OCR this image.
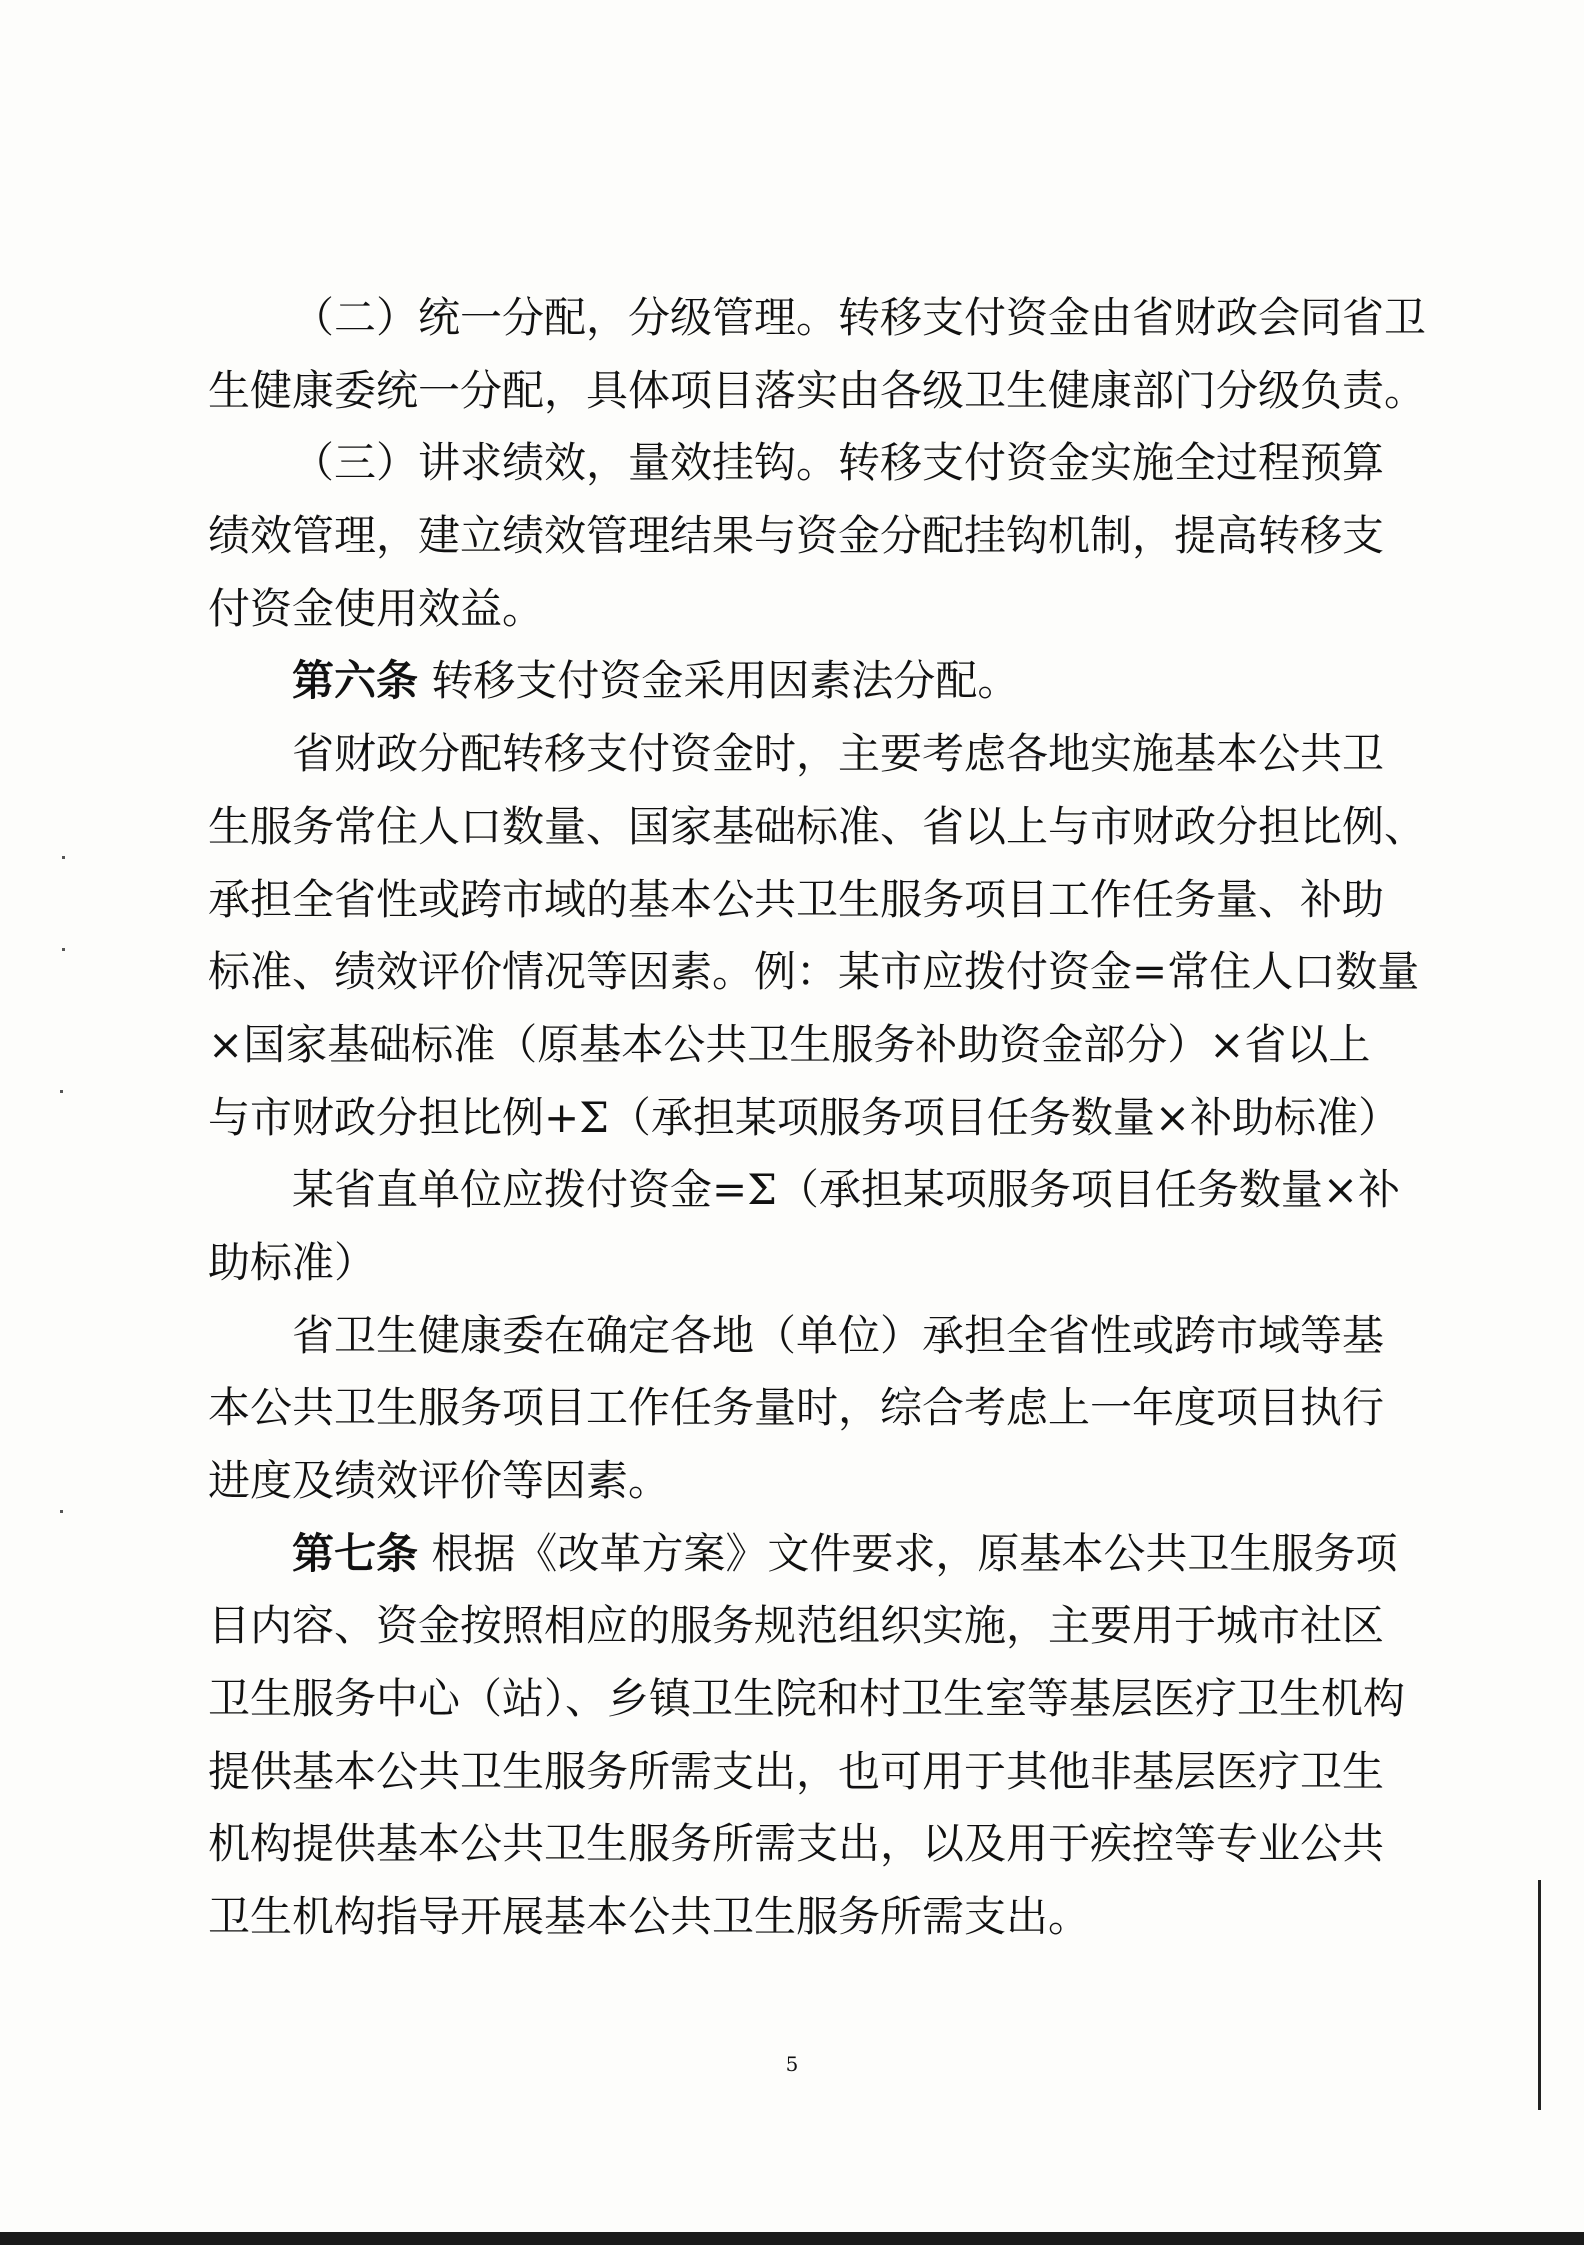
（二）统一分配，分级管理。转移支付资金由省财政会同省卫
生健康委统一分配，具体项目落实由各级卫生健康部门分级负责。
（三）讲求绩效，量效挂钩。转移支付资金实施全过程预算
绩效管理，建立绩效管理结果与资金分配挂钩机制，提高转移支
付资金使用效益。
第六条 转移支付资金采用因素法分配。
省财政分配转移支付资金时，主要考虑各地实施基本公共卫
生服务常住人口数量、国家基础标准、省以上与市财政分担比例、
承担全省性或跨市域的基本公共卫生服务项目工作任务量、补助
标准、绩效评价情况等因素。例：某市应拨付资金=常住人口数量
×国家基础标准（原基本公共卫生服务补助资金部分）×省以上
与市财政分担比例+Σ（承担某项服务项目任务数量×补助标准）
某省直单位应拨付资金=Σ（承担某项服务项目任务数量×补
助标准）
省卫生健康委在确定各地（单位）承担全省性或跨市域等基
本公共卫生服务项目工作任务量时，综合考虑上一年度项目执行
进度及绩效评价等因素。
第七条 根据《改革方案》文件要求，原基本公共卫生服务项
目内容、资金按照相应的服务规范组织实施，主要用于城市社区
卫生服务中心（站）、乡镇卫生院和村卫生室等基层医疗卫生机构
提供基本公共卫生服务所需支出，也可用于其他非基层医疗卫生
机构提供基本公共卫生服务所需支出，以及用于疾控等专业公共
卫生机构指导开展基本公共卫生服务所需支出。
5
